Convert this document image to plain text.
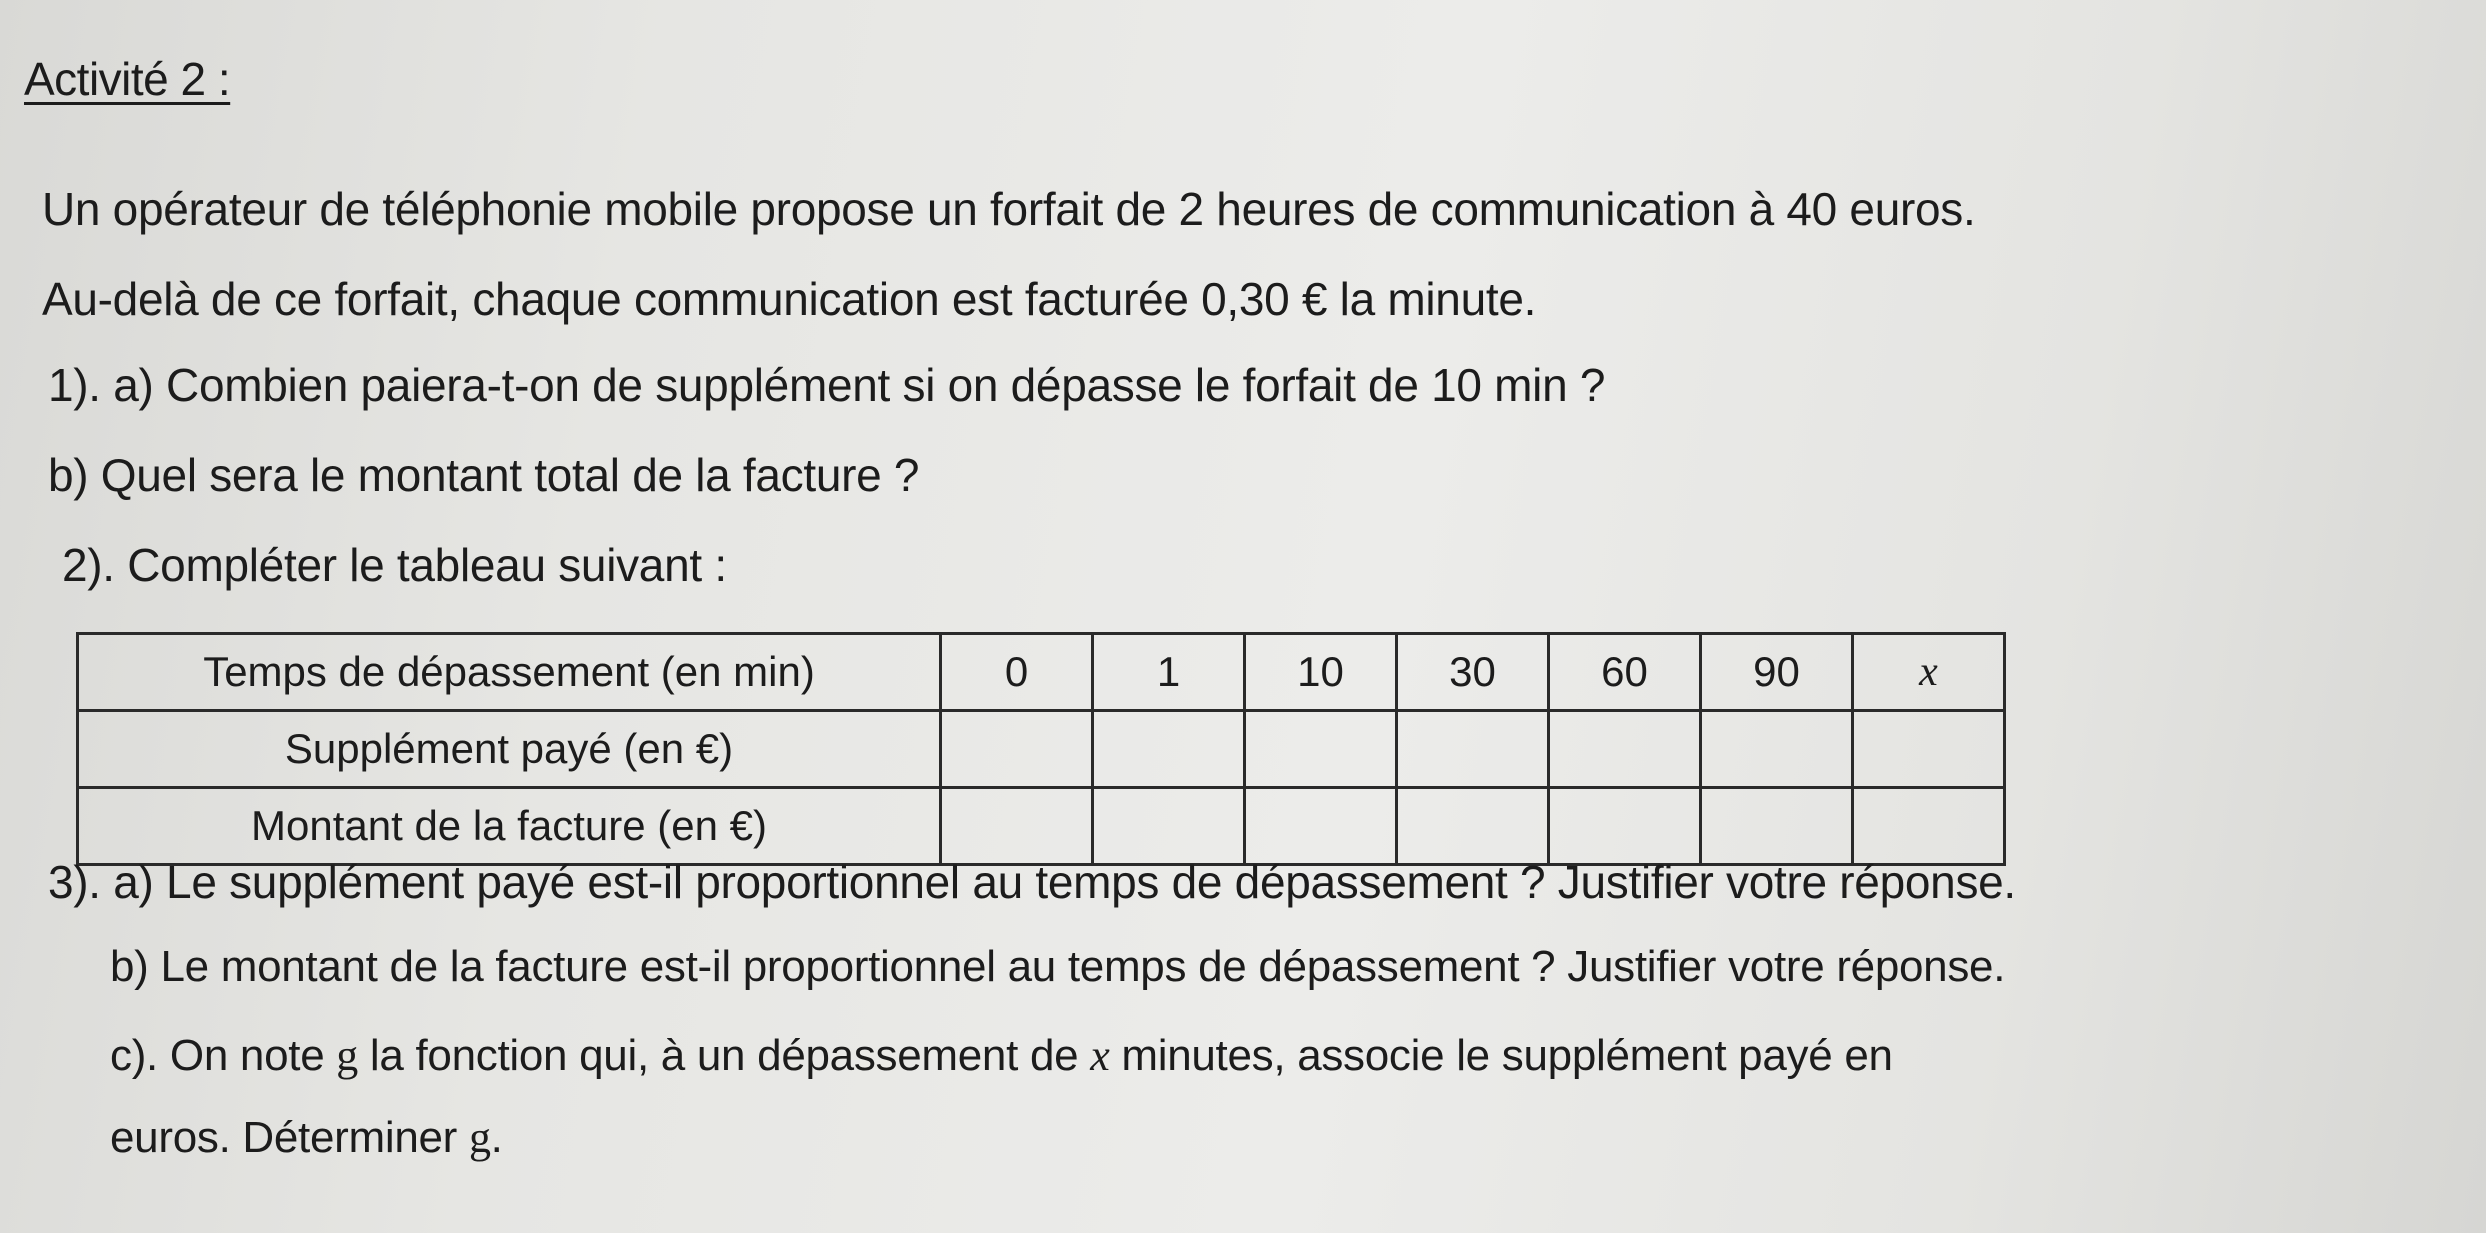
Activité 2 :
Un opérateur de téléphonie mobile propose un forfait de 2 heures de communication à 40 euros.
Au-delà de ce forfait, chaque communication est facturée 0,30 € la minute.
1). a) Combien paiera-t-on de supplément si on dépasse le forfait de 10 min ?
b) Quel sera le montant total de la facture ?
2). Compléter le tableau suivant :
Temps de dépassement (en min)	0	1	10	30	60	90	x
Supplément payé (en €)							
Montant de la facture (en €)							
3). a) Le supplément payé est-il proportionnel au temps de dépassement ? Justifier votre réponse.
b) Le montant de la facture est-il proportionnel au temps de dépassement ? Justifier votre réponse.
c). On note g la fonction qui, à un dépassement de x minutes, associe le supplément payé en
euros. Déterminer g.
